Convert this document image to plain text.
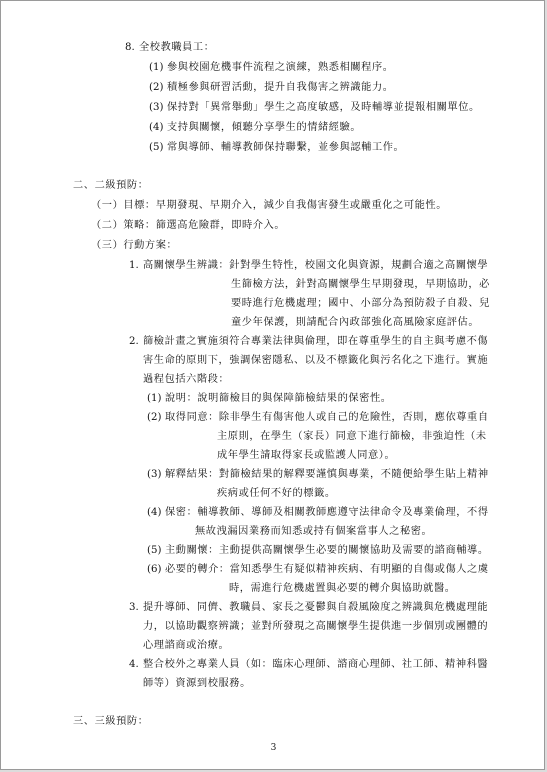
8. 全校教職員工：
(1) 參與校園危機事件流程之演練，熟悉相關程序。
(2) 積極參與研習活動，提升自我傷害之辨識能力。
(3) 保持對「異常舉動」學生之高度敏感，及時輔導並提報相關單位。
(4) 支持與關懷，傾聽分享學生的情緒經驗。
(5) 常與導師、輔導教師保持聯繫，並參與認輔工作。
二、二級預防：
（一）目標：早期發現、早期介入，減少自我傷害發生或嚴重化之可能性。
（二）策略：篩選高危險群，即時介入。
（三）行動方案：
1. 高關懷學生辨識：針對學生特性，校園文化與資源，規劃合適之高關懷學
生篩檢方法，針對高關懷學生早期發現，早期協助，必
要時進行危機處理；國中、小部分為預防殺子自殺、兒
童少年保護，則請配合內政部強化高風險家庭評估。
2. 篩檢計畫之實施須符合專業法律與倫理，即在尊重學生的自主與考慮不傷
害生命的原則下，強調保密隱私、以及不標籤化與污名化之下進行。實施
過程包括六階段：
(1) 說明：說明篩檢目的與保障篩檢結果的保密性。
(2) 取得同意：除非學生有傷害他人或自己的危險性，否則，應依尊重自
主原則，在學生（家長）同意下進行篩檢，非強迫性（未
成年學生請取得家長或監護人同意）。
(3) 解釋結果：對篩檢結果的解釋要謹慎與專業，不隨便給學生貼上精神
疾病或任何不好的標籤。
(4) 保密：輔導教師、導師及相關教師應遵守法律命令及專業倫理，不得
無故洩漏因業務而知悉或持有個案當事人之秘密。
(5) 主動關懷：主動提供高關懷學生必要的關懷協助及需要的諮商輔導。
(6) 必要的轉介：當知悉學生有疑似精神疾病、有明顯的自傷或傷人之虞
時，需進行危機處置與必要的轉介與協助就醫。
3. 提升導師、同儕、教職員、家長之憂鬱與自殺風險度之辨識與危機處理能
力，以協助觀察辨識；並對所發現之高關懷學生提供進一步個別或團體的
心理諮商或治療。
4. 整合校外之專業人員（如：臨床心理師、諮商心理師、社工師、精神科醫
師等）資源到校服務。
三、三級預防：
3
